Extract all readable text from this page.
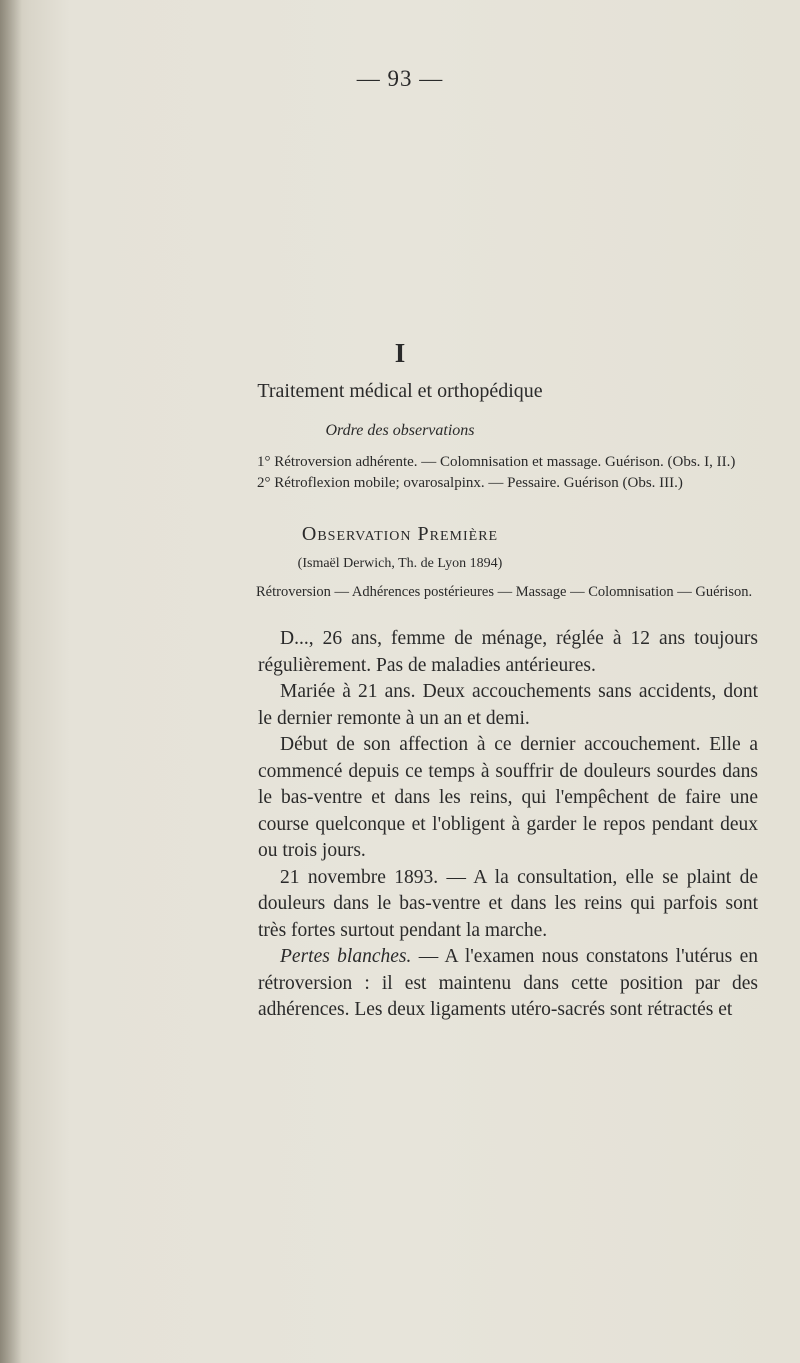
— 93 —
I
Traitement médical et orthopédique
Ordre des observations
1° Rétroversion adhérente. — Colomnisation et massage. Guérison. (Obs. I, II.)
2° Rétroflexion mobile; ovarosalpinx. — Pessaire. Guérison (Obs. III.)
Observation Première
(Ismaël Derwich, Th. de Lyon 1894)
Rétroversion — Adhérences postérieures — Massage — Colomnisation — Guérison.

D..., 26 ans, femme de ménage, réglée à 12 ans toujours régulièrement. Pas de maladies antérieures.

Mariée à 21 ans. Deux accouchements sans accidents, dont le dernier remonte à un an et demi.

Début de son affection à ce dernier accouchement. Elle a commencé depuis ce temps à souffrir de douleurs sourdes dans le bas-ventre et dans les reins, qui l'empêchent de faire une course quelconque et l'obligent à garder le repos pendant deux ou trois jours.

21 novembre 1893. — A la consultation, elle se plaint de douleurs dans le bas-ventre et dans les reins qui parfois sont très fortes surtout pendant la marche.

Pertes blanches. — A l'examen nous constatons l'utérus en rétroversion : il est maintenu dans cette position par des adhérences. Les deux ligaments utéro-sacrés sont rétractés et
